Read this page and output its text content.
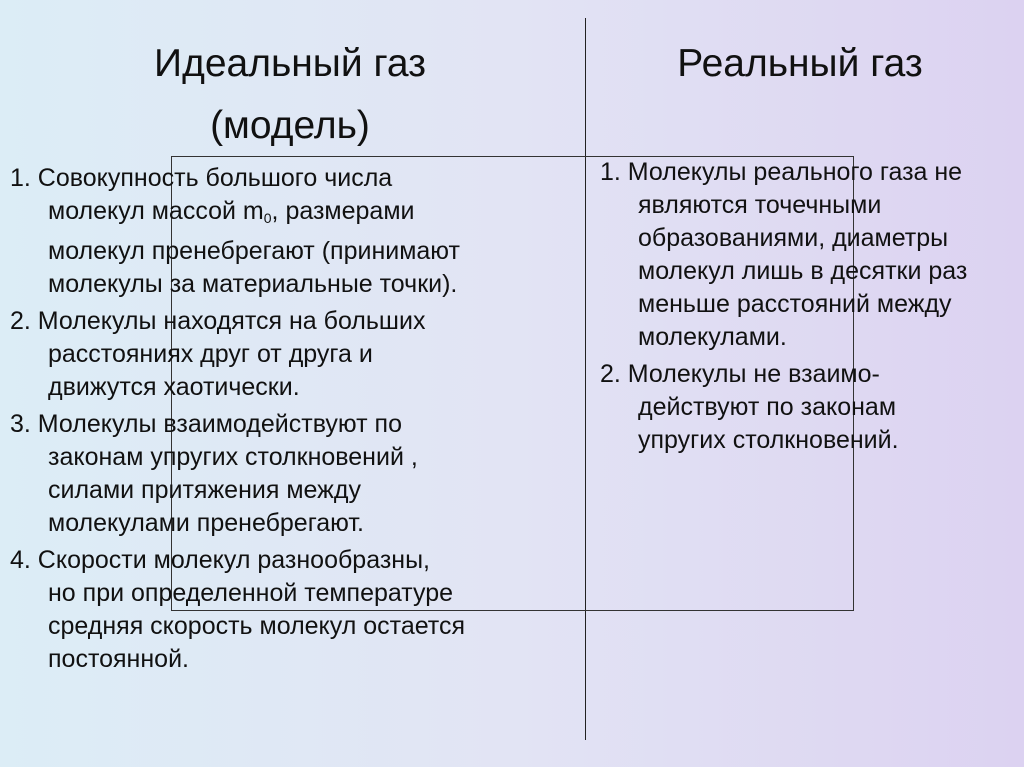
Идеальный газ
(модель)
Реальный газ
1. Совокупность большого числа
молекул массой $m_0$, размерами
молекул пренебрегают (принимают
молекулы за материальные точки).
2. Молекулы находятся на больших
расстояниях друг от друга и
движутся хаотически.
3. Молекулы взаимодействуют по
законам упругих столкновений ,
силами притяжения между
молекулами пренебрегают.
4. Скорости молекул разнообразны,
но при определенной температуре
средняя скорость молекул остается
постоянной.
1. Молекулы реального газа не
являются точечными
образованиями, диаметры
молекул лишь в десятки раз
меньше расстояний между
молекулами.
2. Молекулы не взаимо-
действуют по законам
упругих столкновений.
